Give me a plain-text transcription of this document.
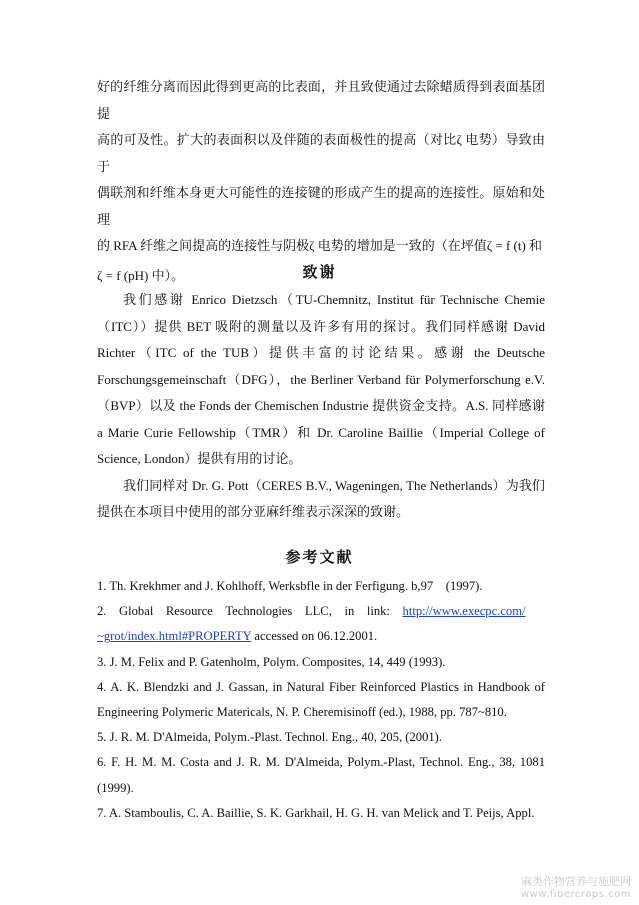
好的纤维分离而因此得到更高的比表面，并且致使通过去除蜡质得到表面基团提

高的可及性。扩大的表面积以及伴随的表面极性的提高（对比ζ 电势）导致由于

偶联剂和纤维本身更大可能性的连接键的形成产生的提高的连接性。原始和处理

的 RFA 纤维之间提高的连接性与阴极ζ 电势的增加是一致的（在坪值ζ = f (t) 和

ζ = f (pH) 中）。	致谢

我们感谢 Enrico Dietzsch（TU-Chemnitz, Institut für Technische Chemie（ITC））提供 BET 吸附的测量以及许多有用的探讨。我们同样感谢 David Richter（ITC of the TUB）提供丰富的讨论结果。感谢 the Deutsche Forschungsgemeinschaft（DFG），the Berliner Verband für Polymerforschung e.V.（BVP）以及 the Fonds der Chemischen Industrie 提供资金支持。A.S. 同样感谢 a Marie Curie Fellowship（TMR）和 Dr. Caroline Baillie（Imperial College of Science, London）提供有用的讨论。

我们同样对 Dr. G. Pott（CERES B.V., Wageningen, The Netherlands）为我们提供在本项目中使用的部分亚麻纤维表示深深的致谢。

参考文献

1. Th. Krekhmer and J. Kohlhoff, Werksbfle in der Ferfigung. b,97　(1997).

2.　Global　Resource　Technologies　LLC,　in　link:　http://www.execpc.com/
~grot/index.html#PROPERTY accessed on 06.12.2001.

3. J. M. Felix and P. Gatenholm, Polym. Composites, 14, 449 (1993).

4. A. K. Blendzki and J. Gassan, in Natural Fiber Reinforced Plastics in Handbook of Engineering Polymeric Matericals, N. P. Cheremisinoff (ed.), 1988, pp. 787~810.

5. J. R. M. D'Almeida, Polym.-Plast. Technol. Eng., 40, 205, (2001).

6. F. H. M. M. Costa and J. R. M. D'Almeida, Polym.-Plast, Technol. Eng., 38, 1081 (1999).

7. A. Stamboulis, C. A. Baillie, S. K. Garkhail, H. G. H. van Melick and T. Peijs, Appl.

麻类作物营养与施肥网
www.fibercrops.com
